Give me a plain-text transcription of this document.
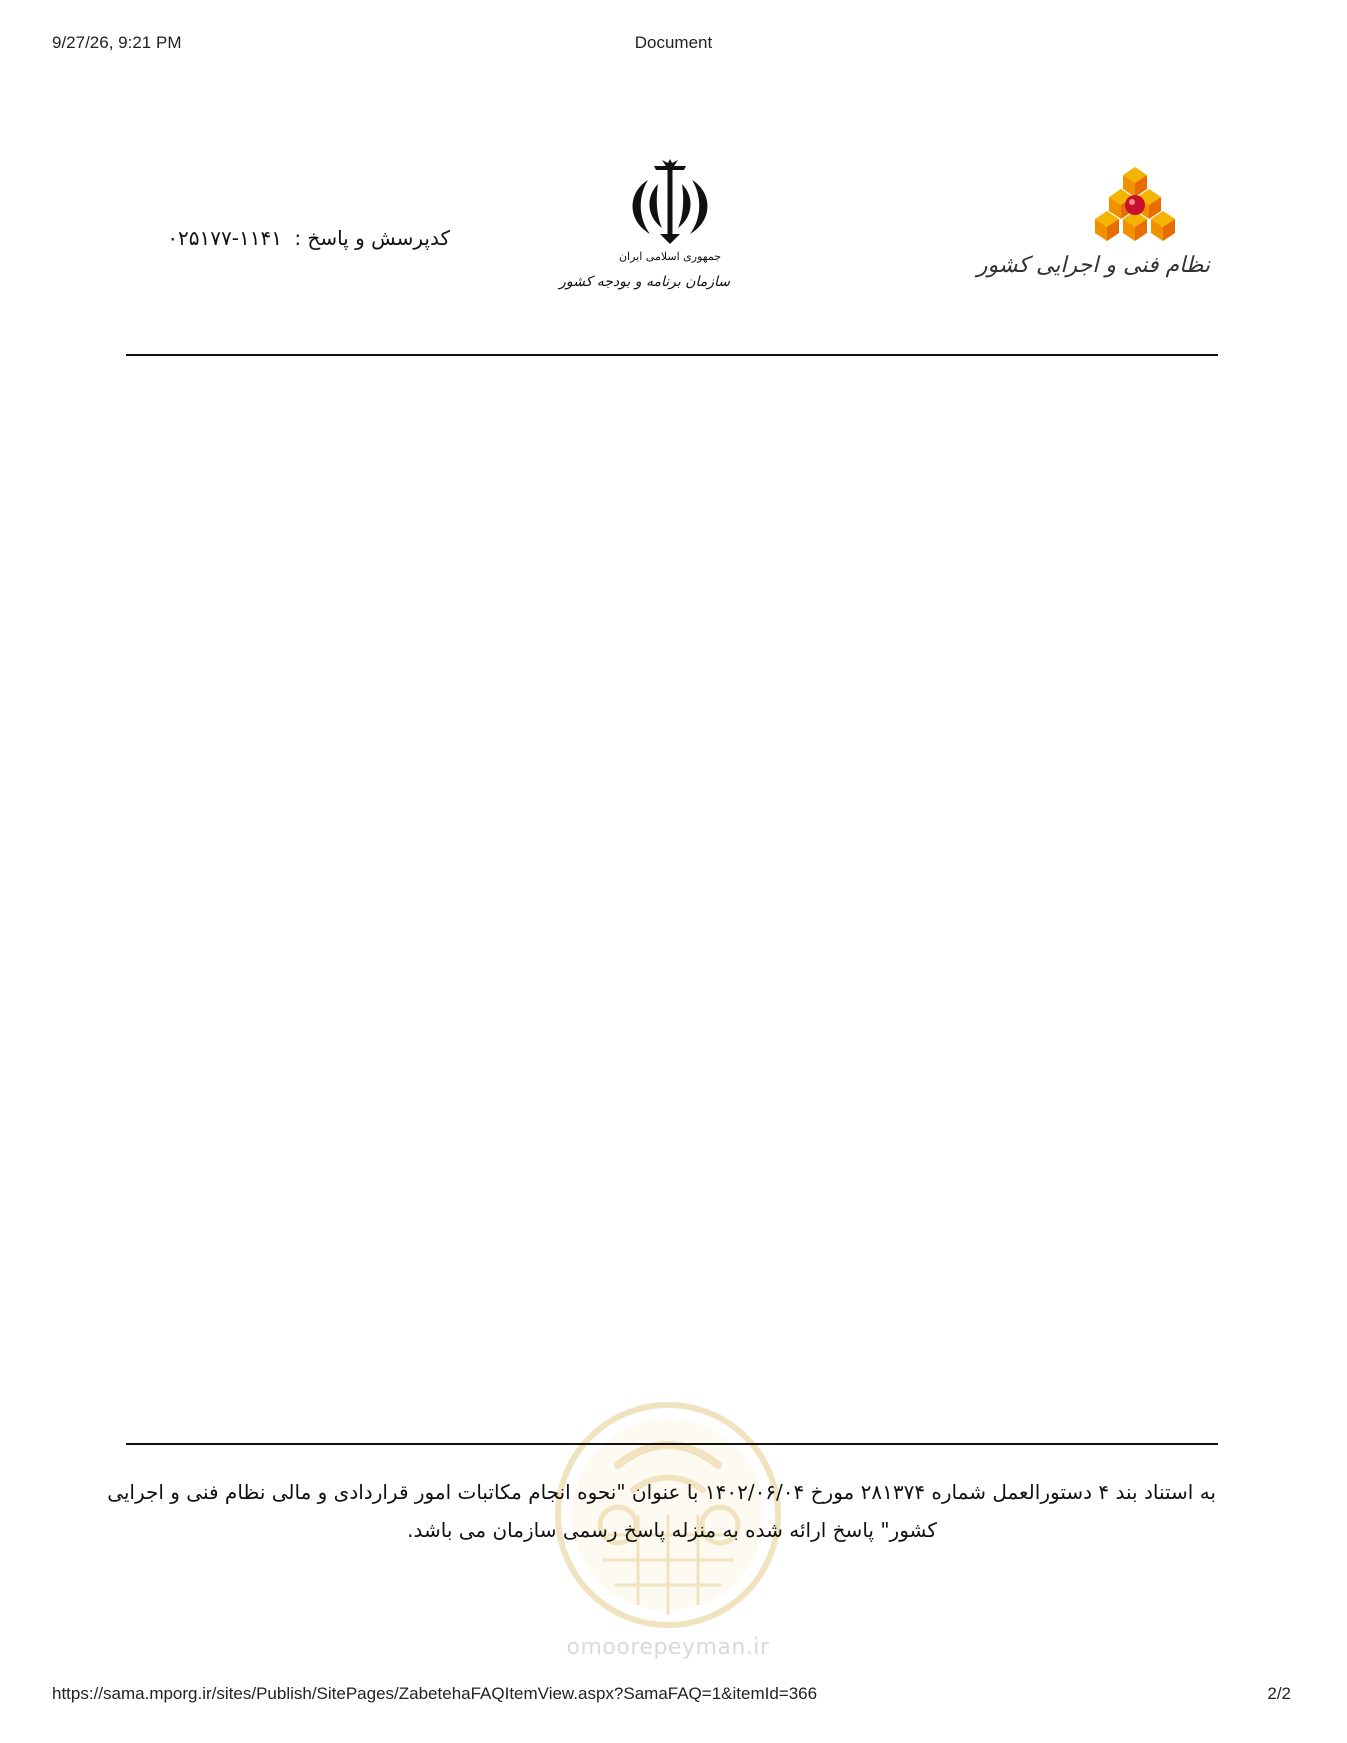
9/27/26, 9:21 PM	Document
کدپرسش و پاسخ : ۰۲۵۱۷۷-۱۱۴۱
جمهوری اسلامی ایران
سازمان برنامه و بودجه کشور
نظام فنی و اجرایی کشور
omoorepeyman.ir
به استناد بند ۴ دستورالعمل شماره ۲۸۱۳۷۴ مورخ ۱۴۰۲/۰۶/۰۴ با عنوان "نحوه انجام مکاتبات امور قراردادی و مالی نظام فنی و اجرایی
کشور" پاسخ ارائه شده به منزله پاسخ رسمی سازمان می باشد.
https://sama.mporg.ir/sites/Publish/SitePages/ZabetehaFAQItemView.aspx?SamaFAQ=1&itemId=366	2/2
